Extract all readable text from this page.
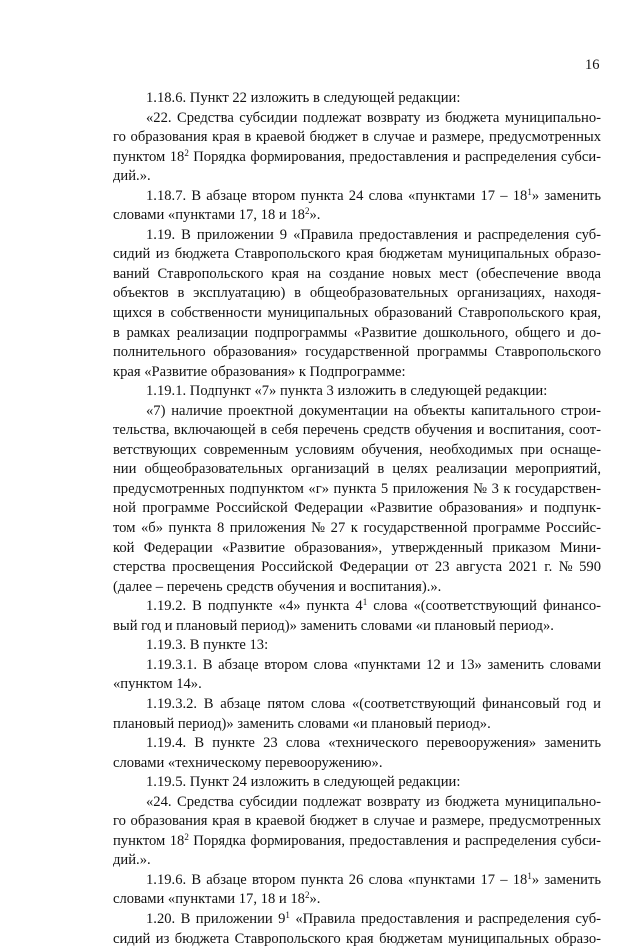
16
1.18.6. Пункт 22 изложить в следующей редакции:
«22. Средства субсидии подлежат возврату из бюджета муниципально-
го образования края в краевой бюджет в случае и размере, предусмотренных
пунктом $18^2$ Порядка формирования, предоставления и распределения субси-
дий.».
1.18.7. В абзаце втором пункта 24 слова «пунктами $17 - 18^1$» заменить
словами «пунктами 17, 18 и $18^2$».
1.19. В приложении 9 «Правила предоставления и распределения суб-
сидий из бюджета Ставропольского края бюджетам муниципальных образо-
ваний Ставропольского края на создание новых мест (обеспечение ввода
объектов в эксплуатацию) в общеобразовательных организациях, находя-
щихся в собственности муниципальных образований Ставропольского края,
в рамках реализации подпрограммы «Развитие дошкольного, общего и до-
полнительного образования» государственной программы Ставропольского
края «Развитие образования» к Подпрограмме:
1.19.1. Подпункт «7» пункта 3 изложить в следующей редакции:
«7) наличие проектной документации на объекты капитального строи-
тельства, включающей в себя перечень средств обучения и воспитания, соот-
ветствующих современным условиям обучения, необходимых при оснаще-
нии общеобразовательных организаций в целях реализации мероприятий,
предусмотренных подпунктом «г» пункта 5 приложения № 3 к государствен-
ной программе Российской Федерации «Развитие образования» и подпунк-
том «б» пункта 8 приложения № 27 к государственной программе Российс-
кой Федерации «Развитие образования», утвержденный приказом Мини-
стерства просвещения Российской Федерации от 23 августа 2021 г. № 590
(далее – перечень средств обучения и воспитания).».
1.19.2. В подпункте «4» пункта $4^1$ слова «(соответствующий финансо-
вый год и плановый период)» заменить словами «и плановый период».
1.19.3. В пункте 13:
1.19.3.1. В абзаце втором слова «пунктами 12 и 13» заменить словами
«пунктом 14».
1.19.3.2. В абзаце пятом слова «(соответствующий финансовый год и
плановый период)» заменить словами «и плановый период».
1.19.4. В пункте 23 слова «технического перевооружения» заменить
словами «техническому перевооружению».
1.19.5. Пункт 24 изложить в следующей редакции:
«24. Средства субсидии подлежат возврату из бюджета муниципально-
го образования края в краевой бюджет в случае и размере, предусмотренных
пунктом $18^2$ Порядка формирования, предоставления и распределения субси-
дий.».
1.19.6. В абзаце втором пункта 26 слова «пунктами $17 - 18^1$» заменить
словами «пунктами 17, 18 и $18^2$».
1.20. В приложении $9^1$ «Правила предоставления и распределения суб-
сидий из бюджета Ставропольского края бюджетам муниципальных образо-
